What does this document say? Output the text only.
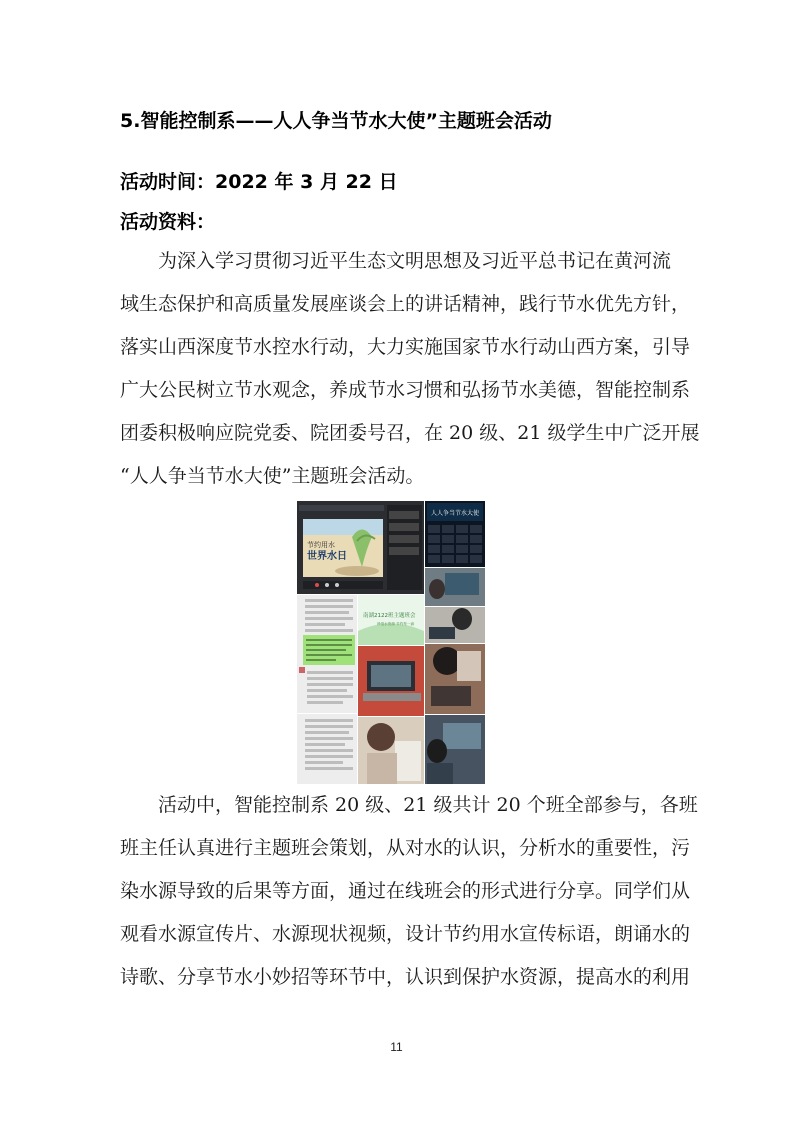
5.智能控制系——人人争当节水大使”主题班会活动
活动时间：2022 年 3 月 22 日
活动资料：
为深入学习贯彻习近平生态文明思想及习近平总书记在黄河流
域生态保护和高质量发展座谈会上的讲话精神，践行节水优先方针，
落实山西深度节水控水行动，大力实施国家节水行动山西方案，引导
广大公民树立节水观念，养成节水习惯和弘扬节水美德，智能控制系
团委积极响应院党委、院团委号召，在 20 级、21 级学生中广泛开展
“人人争当节水大使”主题班会活动。
节约用水
世界水日
人人争当节水大使
南湖2122班主题班会
珍惜水资源 节约每一滴
活动中，智能控制系 20 级、21 级共计 20 个班全部参与，各班
班主任认真进行主题班会策划，从对水的认识，分析水的重要性，污
染水源导致的后果等方面，通过在线班会的形式进行分享。同学们从
观看水源宣传片、水源现状视频，设计节约用水宣传标语，朗诵水的
诗歌、分享节水小妙招等环节中，认识到保护水资源，提高水的利用
11
